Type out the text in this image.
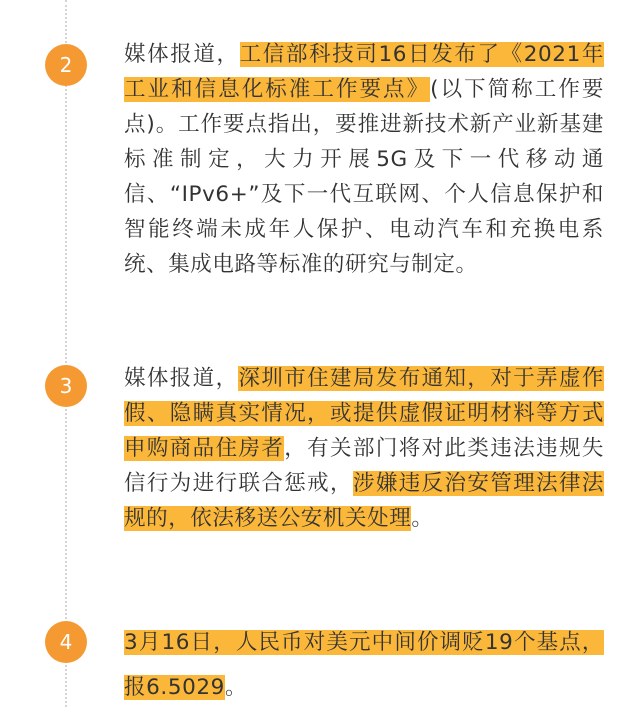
2	媒体报道，工信部科技司16日发布了《2021年工业和信息化标准工作要点》(以下简称工作要点)。工作要点指出，要推进新技术新产业新基建标准制定，大力开展5G及下一代移动通信、“IPv6+”及下一代互联网、个人信息保护和智能终端未成年人保护、电动汽车和充换电系统、集成电路等标准的研究与制定。

3	媒体报道，深圳市住建局发布通知，对于弄虚作假、隐瞒真实情况，或提供虚假证明材料等方式申购商品住房者，有关部门将对此类违法违规失信行为进行联合惩戒，涉嫌违反治安管理法律法规的，依法移送公安机关处理。

4	3月16日，人民币对美元中间价调贬19个基点，报6.5029。
